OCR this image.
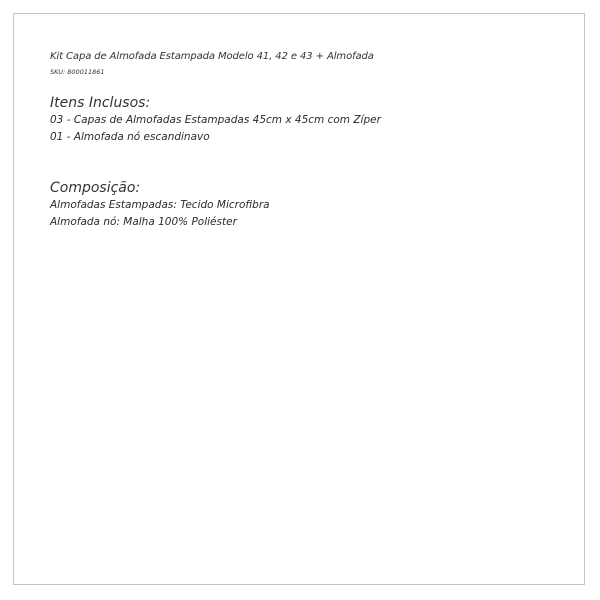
Kit Capa de Almofada Estampada Modelo 41, 42 e 43 + Almofada

SKU: 800011861

Itens Inclusos:

03 - Capas de Almofadas Estampadas 45cm x 45cm com Zíper

01 - Almofada nó escandinavo

Composição:

Almofadas Estampadas: Tecido Microfibra

Almofada nó: Malha 100% Poliéster
